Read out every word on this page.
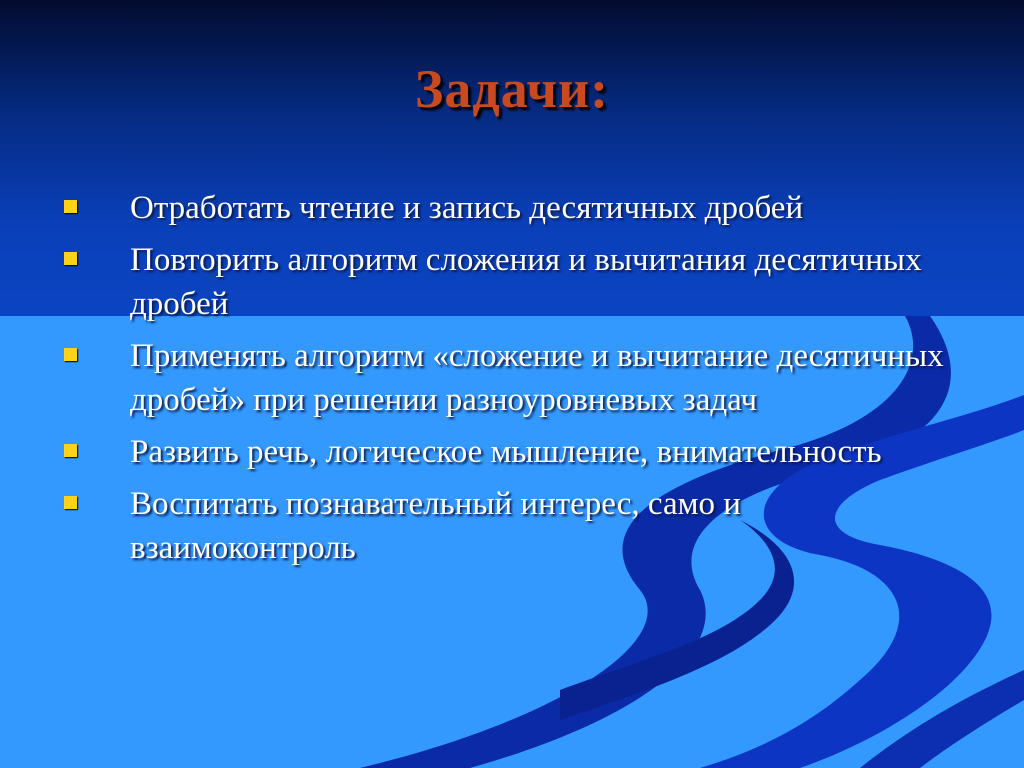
Задачи:
Отработать чтение и запись десятичных дробей
Повторить алгоритм сложения и вычитания десятичных дробей
Применять алгоритм «сложение и вычитание десятичных дробей» при решении разноуровневых задач
Развить речь, логическое мышление, внимательность
Воспитать познавательный интерес, само и взаимоконтроль
